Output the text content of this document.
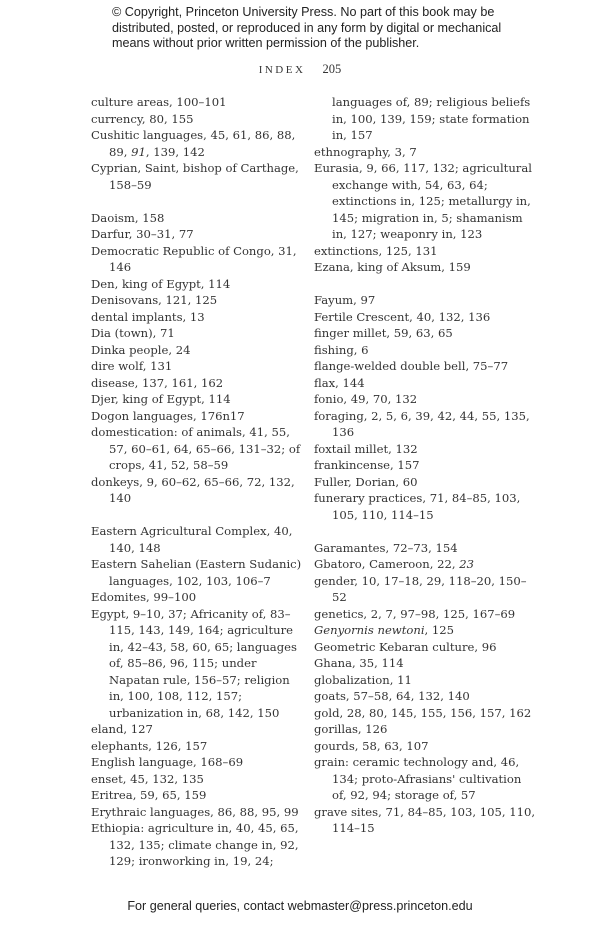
© Copyright, Princeton University Press. No part of this book may be distributed, posted, or reproduced in any form by digital or mechanical means without prior written permission of the publisher.
INDEX 205

culture areas, 100–101

currency, 80, 155

Cushitic languages, 45, 61, 86, 88, 89, 91, 139, 142

Cyprian, Saint, bishop of Carthage, 158–59

Daoism, 158

Darfur, 30–31, 77

Democratic Republic of Congo, 31, 146

Den, king of Egypt, 114

Denisovans, 121, 125

dental implants, 13

Dia (town), 71

Dinka people, 24

dire wolf, 131

disease, 137, 161, 162

Djer, king of Egypt, 114

Dogon languages, 176n17

domestication: of animals, 41, 55, 57, 60–61, 64, 65–66, 131–32; of crops, 41, 52, 58–59

donkeys, 9, 60–62, 65–66, 72, 132, 140

Eastern Agricultural Complex, 40, 140, 148

Eastern Sahelian (Eastern Sudanic) languages, 102, 103, 106–7

Edomites, 99–100

Egypt, 9–10, 37; Africanity of, 83–115, 143, 149, 164; agriculture in, 42–43, 58, 60, 65; languages of, 85–86, 96, 115; under Napatan rule, 156–57; religion in, 100, 108, 112, 157; urbanization in, 68, 142, 150

eland, 127

elephants, 126, 157

English language, 168–69

enset, 45, 132, 135

Eritrea, 59, 65, 159

Erythraic languages, 86, 88, 95, 99

Ethiopia: agriculture in, 40, 45, 65, 132, 135; climate change in, 92, 129; ironworking in, 19, 24;

languages of, 89; religious beliefs in, 100, 139, 159; state formation in, 157

ethnography, 3, 7

Eurasia, 9, 66, 117, 132; agricultural exchange with, 54, 63, 64; extinctions in, 125; metallurgy in, 145; migration in, 5; shamanism in, 127; weaponry in, 123

extinctions, 125, 131

Ezana, king of Aksum, 159

Fayum, 97

Fertile Crescent, 40, 132, 136

finger millet, 59, 63, 65

fishing, 6

flange-welded double bell, 75–77

flax, 144

fonio, 49, 70, 132

foraging, 2, 5, 6, 39, 42, 44, 55, 135, 136

foxtail millet, 132

frankincense, 157

Fuller, Dorian, 60

funerary practices, 71, 84–85, 103, 105, 110, 114–15

Garamantes, 72–73, 154

Gbatoro, Cameroon, 22, 23

gender, 10, 17–18, 29, 118–20, 150–52

genetics, 2, 7, 97–98, 125, 167–69

Genyornis newtoni, 125

Geometric Kebaran culture, 96

Ghana, 35, 114

globalization, 11

goats, 57–58, 64, 132, 140

gold, 28, 80, 145, 155, 156, 157, 162

gorillas, 126

gourds, 58, 63, 107

grain: ceramic technology and, 46, 134; proto-Afrasians' cultivation of, 92, 94; storage of, 57

grave sites, 71, 84–85, 103, 105, 110, 114–15

For general queries, contact webmaster@press.princeton.edu
